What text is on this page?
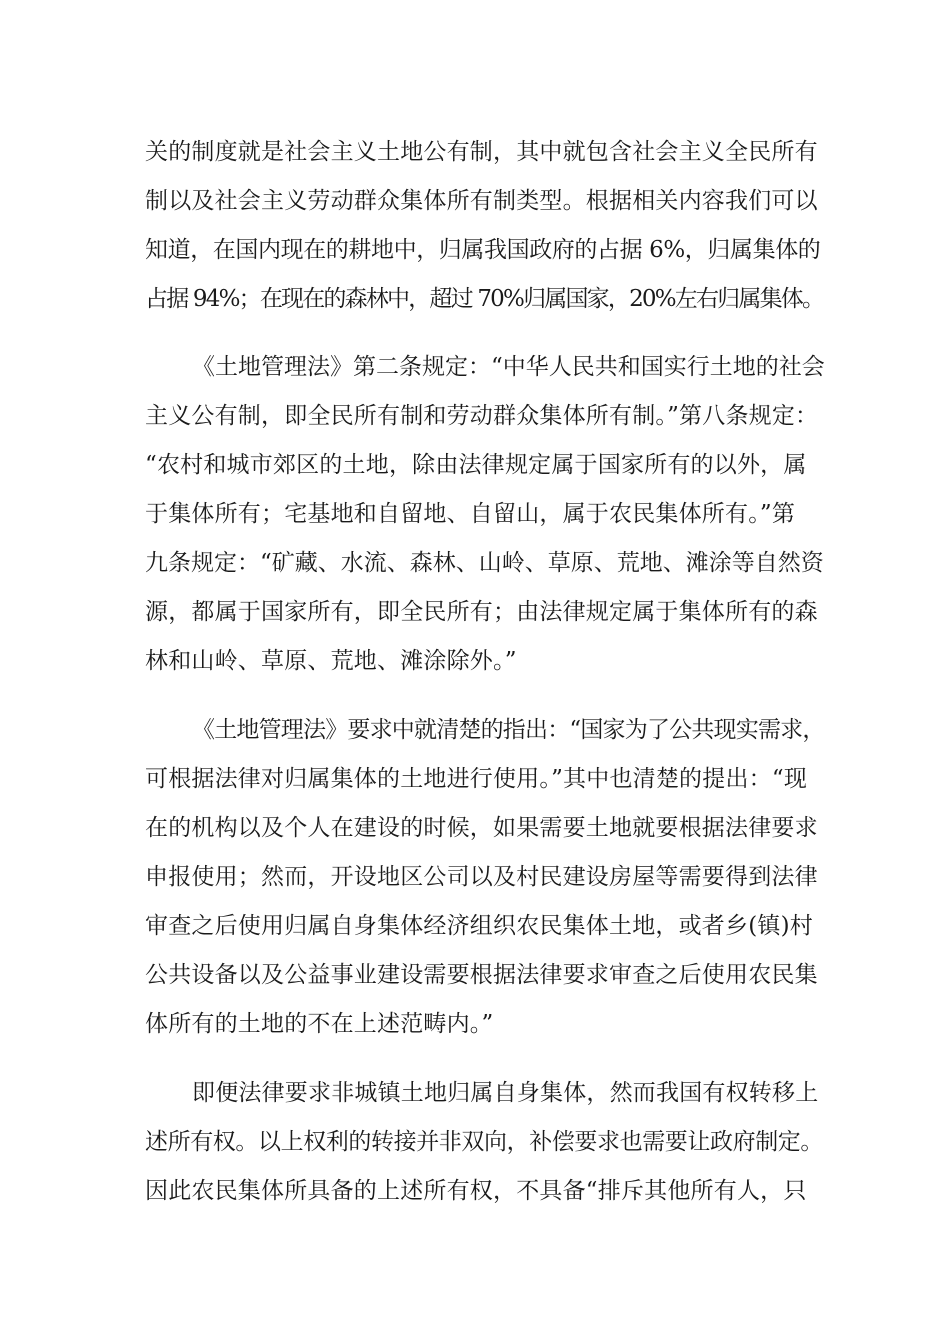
关的制度就是社会主义土地公有制，其中就包含社会主义全民所有
制以及社会主义劳动群众集体所有制类型。根据相关内容我们可以
知道，在国内现在的耕地中，归属我国政府的占据 6%，归属集体的
占据 94%；在现在的森林中，超过 70%归属国家，20%左右归属集体。
《土地管理法》第二条规定：“中华人民共和国实行土地的社会
主义公有制，即全民所有制和劳动群众集体所有制。”第八条规定：
“农村和城市郊区的土地，除由法律规定属于国家所有的以外，属
于集体所有；宅基地和自留地、自留山，属于农民集体所有。”第
九条规定：“矿藏、水流、森林、山岭、草原、荒地、滩涂等自然资
源，都属于国家所有，即全民所有；由法律规定属于集体所有的森
林和山岭、草原、荒地、滩涂除外。”
《土地管理法》要求中就清楚的指出：“国家为了公共现实需求，
可根据法律对归属集体的土地进行使用。”其中也清楚的提出：“现
在的机构以及个人在建设的时候，如果需要土地就要根据法律要求
申报使用；然而，开设地区公司以及村民建设房屋等需要得到法律
审查之后使用归属自身集体经济组织农民集体土地，或者乡(镇)村
公共设备以及公益事业建设需要根据法律要求审查之后使用农民集
体所有的土地的不在上述范畴内。”
即便法律要求非城镇土地归属自身集体，然而我国有权转移上
述所有权。以上权利的转接并非双向，补偿要求也需要让政府制定。
因此农民集体所具备的上述所有权，不具备“排斥其他所有人，只
